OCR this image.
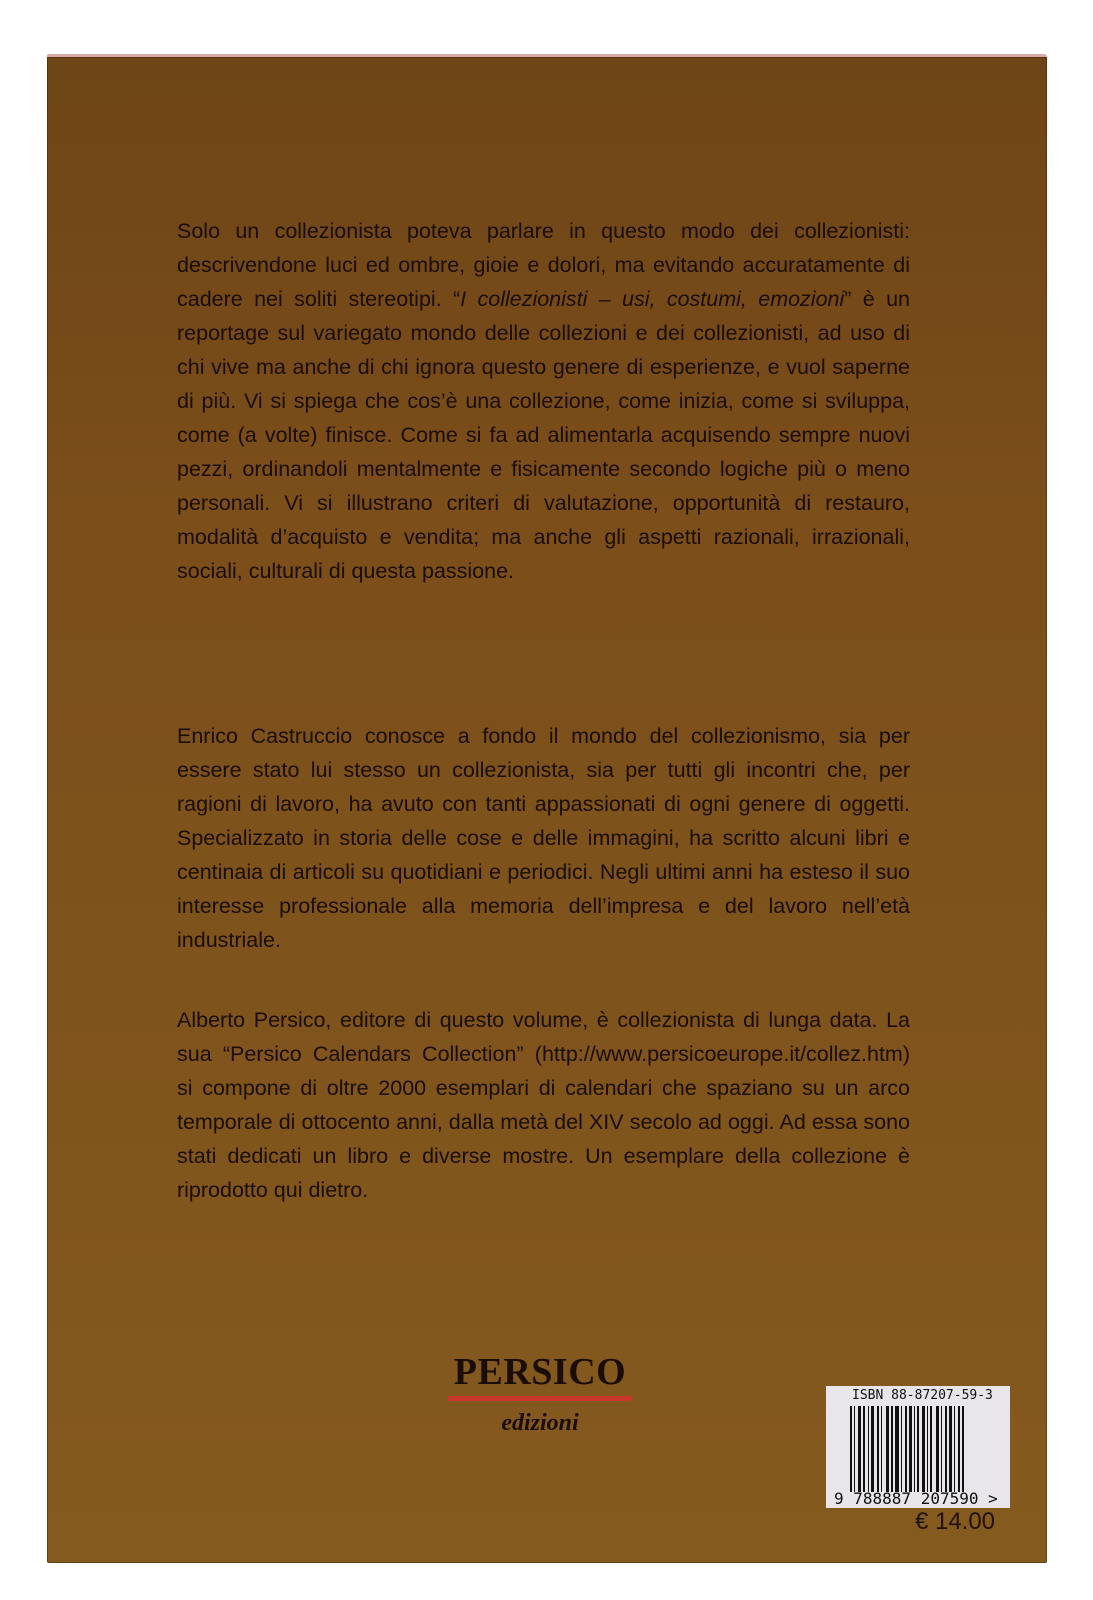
Solo un collezionista poteva parlare in questo modo dei collezionisti: descrivendone luci ed ombre, gioie e dolori, ma evitando accuratamente di cadere nei soliti stereotipi. “I collezionisti – usi, costumi, emozioni” è un reportage sul variegato mondo delle collezioni e dei collezionisti, ad uso di chi vive ma anche di chi ignora questo genere di esperienze, e vuol saperne di più. Vi si spiega che cos’è una collezione, come inizia, come si sviluppa, come (a volte) finisce. Come si fa ad alimentarla acquisendo sempre nuovi pezzi, ordinandoli mentalmente e fisicamente secondo logiche più o meno personali. Vi si illustrano criteri di valutazione, opportunità di restauro, modalità d’acquisto e vendita; ma anche gli aspetti razionali, irrazionali, sociali, culturali di questa passione.

Enrico Castruccio conosce a fondo il mondo del collezionismo, sia per essere stato lui stesso un collezionista, sia per tutti gli incontri che, per ragioni di lavoro, ha avuto con tanti appassionati di ogni genere di oggetti. Specializzato in storia delle cose e delle immagini, ha scritto alcuni libri e centinaia di articoli su quotidiani e periodici. Negli ultimi anni ha esteso il suo interesse professionale alla memoria dell’impresa e del lavoro nell’età industriale.

Alberto Persico, editore di questo volume, è collezionista di lunga data. La sua “Persico Calendars Collection” (http://www.persicoeurope.it/collez.htm) si compone di oltre 2000 esemplari di calendari che spaziano su un arco temporale di ottocento anni, dalla metà del XIV secolo ad oggi. Ad essa sono stati dedicati un libro e diverse mostre. Un esemplare della collezione è riprodotto qui dietro.

PERSICO
edizioni
ISBN 88-87207-59-3
9 788887 207590 >
€ 14.00
